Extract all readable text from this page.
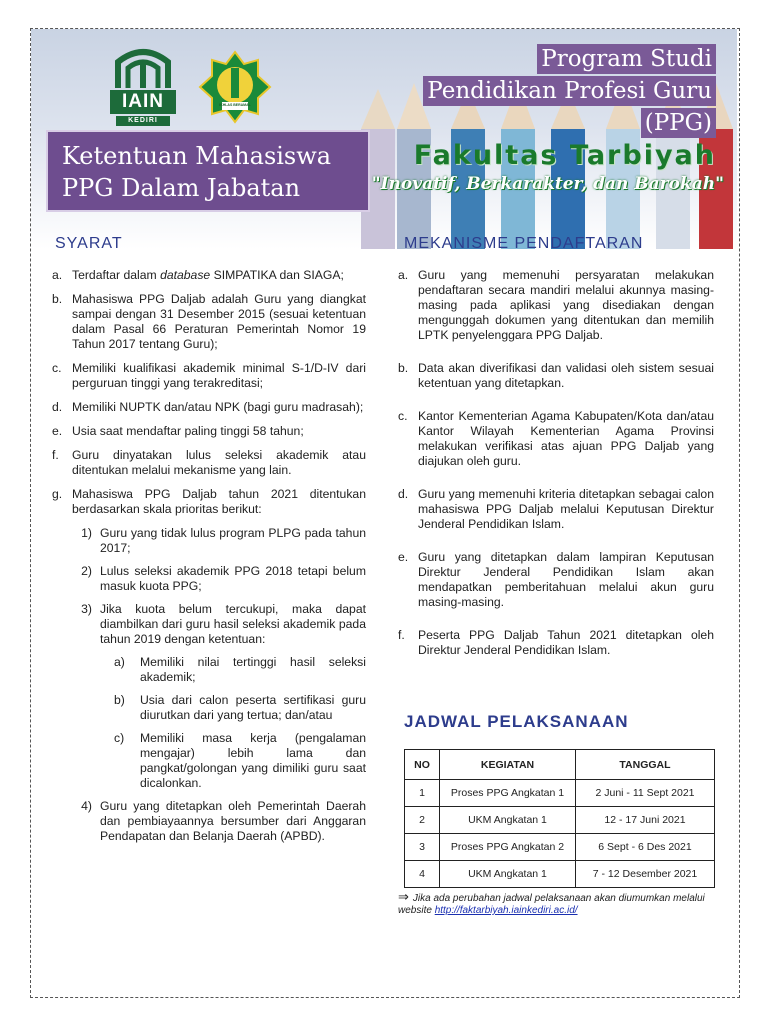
IAIN
KEDIRI
IKHLAS BERAMAL
Ketentuan Mahasiswa
PPG Dalam Jabatan
Program Studi
Pendidikan Profesi Guru
(PPG)
Fakultas Tarbiyah
"Inovatif, Berkarakter, dan Barokah"
SYARAT
a. Terdaftar dalam database SIMPATIKA dan SIAGA;
b. Mahasiswa PPG Daljab adalah Guru yang diangkat sampai dengan 31 Desember 2015 (sesuai ketentuan dalam Pasal 66 Peraturan Pemerintah Nomor 19 Tahun 2017 tentang Guru);
c. Memiliki kualifikasi akademik minimal S-1/D-IV dari perguruan tinggi yang terakreditasi;
d. Memiliki NUPTK dan/atau NPK (bagi guru madrasah);
e. Usia saat mendaftar paling tinggi 58 tahun;
f.	Guru dinyatakan lulus seleksi akademik atau ditentukan melalui mekanisme yang lain.
g. Mahasiswa PPG Daljab tahun 2021 ditentukan berdasarkan skala prioritas berikut:
1) Guru yang tidak lulus program PLPG pada tahun 2017;
2) Lulus seleksi akademik PPG 2018 tetapi belum masuk kuota PPG;
3) Jika kuota belum tercukupi, maka dapat diambilkan dari guru hasil seleksi akademik pada tahun 2019 dengan ketentuan:
a)	Memiliki nilai tertinggi hasil seleksi akademik;
b)	Usia dari calon peserta sertifikasi guru diurutkan dari yang tertua; dan/atau
c)	Memiliki masa kerja (pengalaman mengajar) lebih lama dan pangkat/golongan yang dimiliki guru saat dicalonkan.
4) Guru yang ditetapkan oleh Pemerintah Daerah dan pembiayaannya bersumber dari Anggaran Pendapatan dan Belanja Daerah (APBD).
MEKANISME PENDAFTARAN
a. Guru yang memenuhi persyaratan melakukan pendaftaran secara mandiri melalui akunnya masing-masing pada aplikasi yang disediakan dengan mengunggah dokumen yang ditentukan dan memilih LPTK penyelenggara PPG Daljab.
b. Data akan diverifikasi dan validasi oleh sistem sesuai ketentuan yang ditetapkan.
c. Kantor Kementerian Agama Kabupaten/Kota dan/atau Kantor Wilayah Kementerian Agama Provinsi melakukan verifikasi atas ajuan PPG Daljab yang diajukan oleh guru.
d. Guru yang memenuhi kriteria ditetapkan sebagai calon mahasiswa PPG Daljab melalui Keputusan Direktur Jenderal Pendidikan Islam.
e. Guru yang ditetapkan dalam lampiran Keputusan Direktur Jenderal Pendidikan Islam akan mendapatkan pemberitahuan melalui akun guru masing-masing.
f.	Peserta PPG Daljab Tahun 2021 ditetapkan oleh Direktur Jenderal Pendidikan Islam.
JADWAL PELAKSANAAN
NO	KEGIATAN	TANGGAL
1	Proses PPG Angkatan 1	2 Juni - 11 Sept 2021
2	UKM Angkatan 1	12 - 17 Juni 2021
3	Proses PPG Angkatan 2	6 Sept - 6 Des 2021
4	UKM Angkatan 1	7 - 12 Desember 2021
⇒ Jika ada perubahan jadwal pelaksanaan akan diumumkan melalui website http://faktarbiyah.iainkediri.ac.id/
